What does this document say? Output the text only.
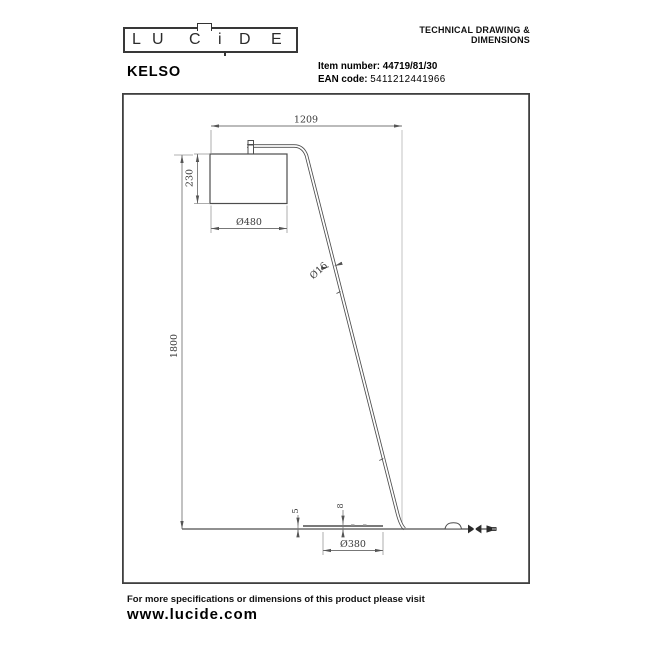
L U C i D E
TECHNICAL DRAWING & DIMENSIONS
KELSO	Item number: 44719/81/30
EAN code: 5411212441966
1209
1800
230
Ø480
Ø16
5
8
Ø380
For more specifications or dimensions of this product please visit
www.lucide.com
